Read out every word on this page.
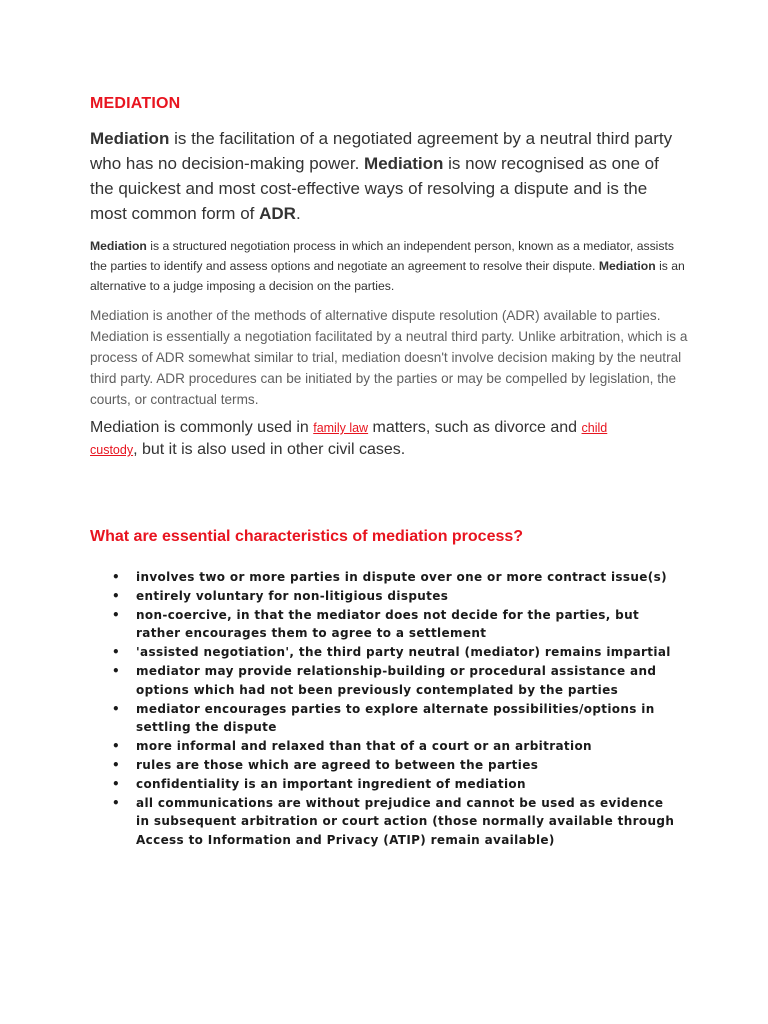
MEDIATION

Mediation is the facilitation of a negotiated agreement by a neutral third party who has no decision-making power. Mediation is now recognised as one of the quickest and most cost-effective ways of resolving a dispute and is the most common form of ADR.

Mediation is a structured negotiation process in which an independent person, known as a mediator, assists the parties to identify and assess options and negotiate an agreement to resolve their dispute. Mediation is an alternative to a judge imposing a decision on the parties.

Mediation is another of the methods of alternative dispute resolution (ADR) available to parties. Mediation is essentially a negotiation facilitated by a neutral third party. Unlike arbitration, which is a process of ADR somewhat similar to trial, mediation doesn't involve decision making by the neutral third party. ADR procedures can be initiated by the parties or may be compelled by legislation, the courts, or contractual terms.

Mediation is commonly used in family law matters, such as divorce and child custody, but it is also used in other civil cases.

What are essential characteristics of mediation process?
• involves two or more parties in dispute over one or more contract issue(s)
• entirely voluntary for non-litigious disputes
• non-coercive, in that the mediator does not decide for the parties, but rather encourages them to agree to a settlement
• 'assisted negotiation', the third party neutral (mediator) remains impartial
• mediator may provide relationship-building or procedural assistance and options which had not been previously contemplated by the parties
• mediator encourages parties to explore alternate possibilities/options in settling the dispute
• more informal and relaxed than that of a court or an arbitration
• rules are those which are agreed to between the parties
• confidentiality is an important ingredient of mediation
• all communications are without prejudice and cannot be used as evidence in subsequent arbitration or court action (those normally available through Access to Information and Privacy (ATIP) remain available)
